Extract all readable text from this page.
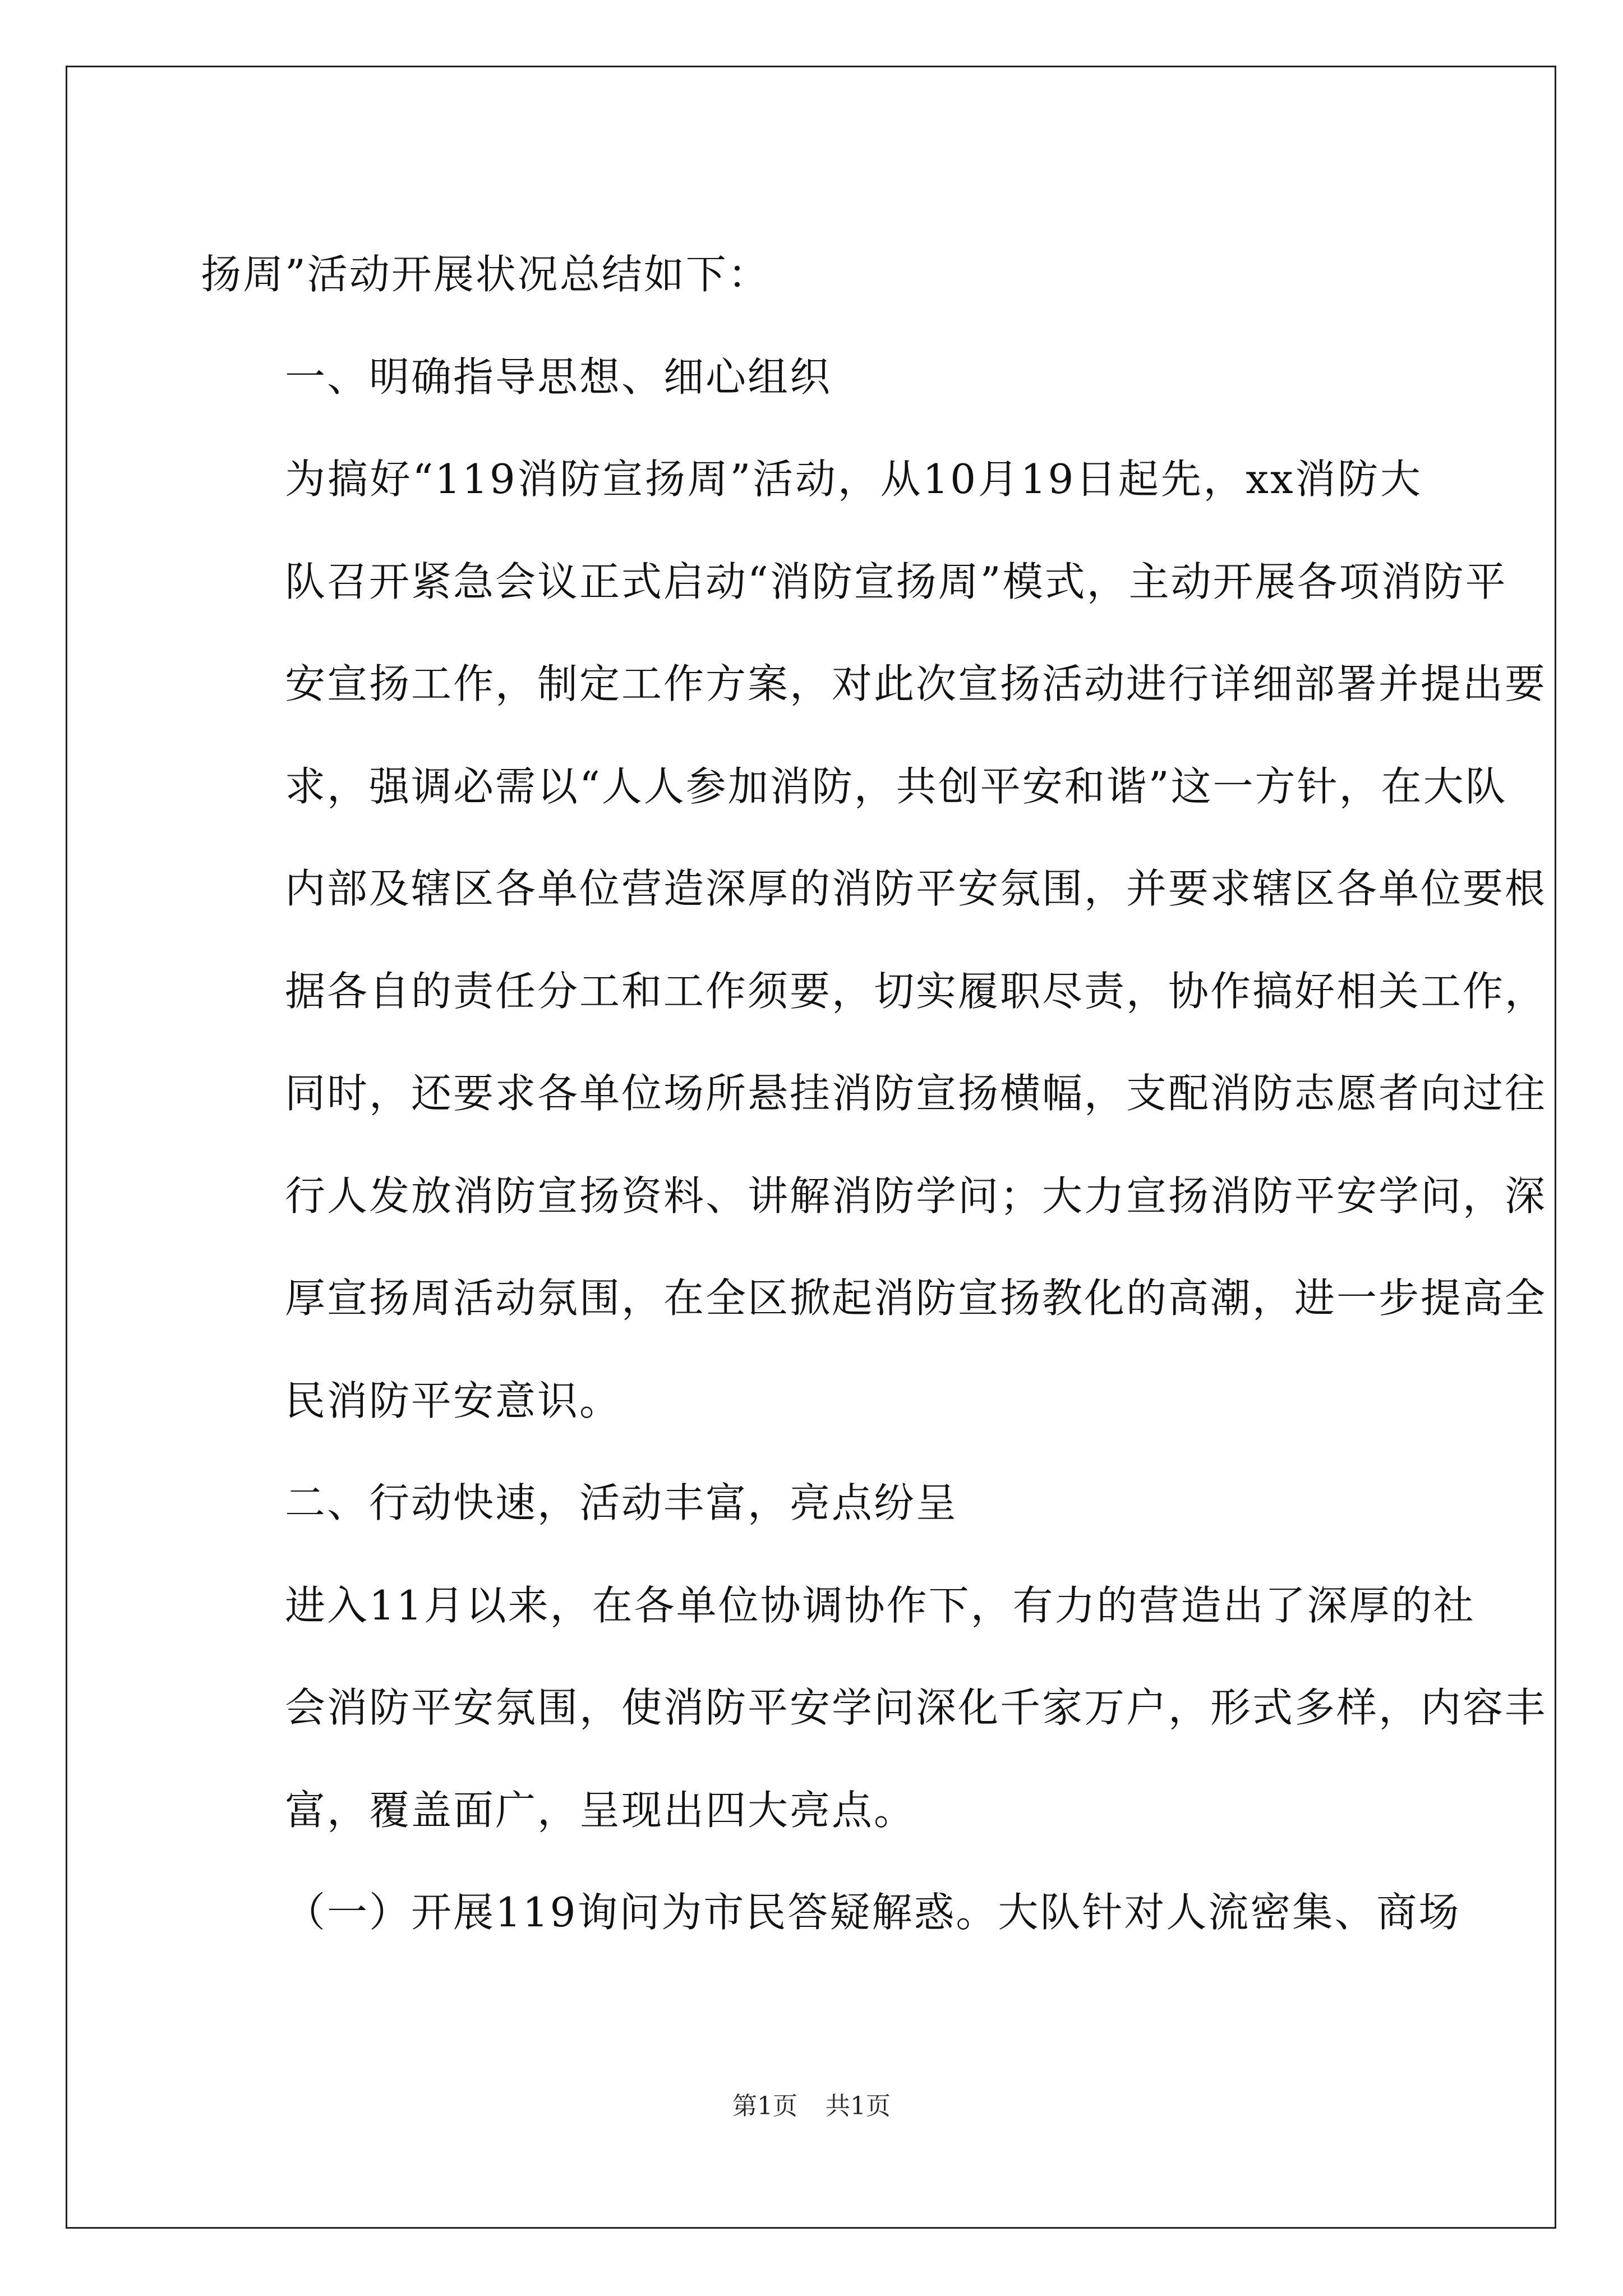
扬周”活动开展状况总结如下：

一、明确指导思想、细心组织

为搞好“119消防宣扬周”活动，从10月19日起先，xx消防大
队召开紧急会议正式启动“消防宣扬周”模式，主动开展各项消防平
安宣扬工作，制定工作方案，对此次宣扬活动进行详细部署并提出要
求，强调必需以“人人参加消防，共创平安和谐”这一方针，在大队
内部及辖区各单位营造深厚的消防平安氛围，并要求辖区各单位要根
据各自的责任分工和工作须要，切实履职尽责，协作搞好相关工作，
同时，还要求各单位场所悬挂消防宣扬横幅，支配消防志愿者向过往
行人发放消防宣扬资料、讲解消防学问；大力宣扬消防平安学问，深
厚宣扬周活动氛围，在全区掀起消防宣扬教化的高潮，进一步提高全
民消防平安意识。

二、行动快速，活动丰富，亮点纷呈

进入11月以来，在各单位协调协作下，有力的营造出了深厚的社
会消防平安氛围，使消防平安学问深化千家万户，形式多样，内容丰
富，覆盖面广，呈现出四大亮点。

（一）开展119询问为市民答疑解惑。大队针对人流密集、商场

第1页 共1页
